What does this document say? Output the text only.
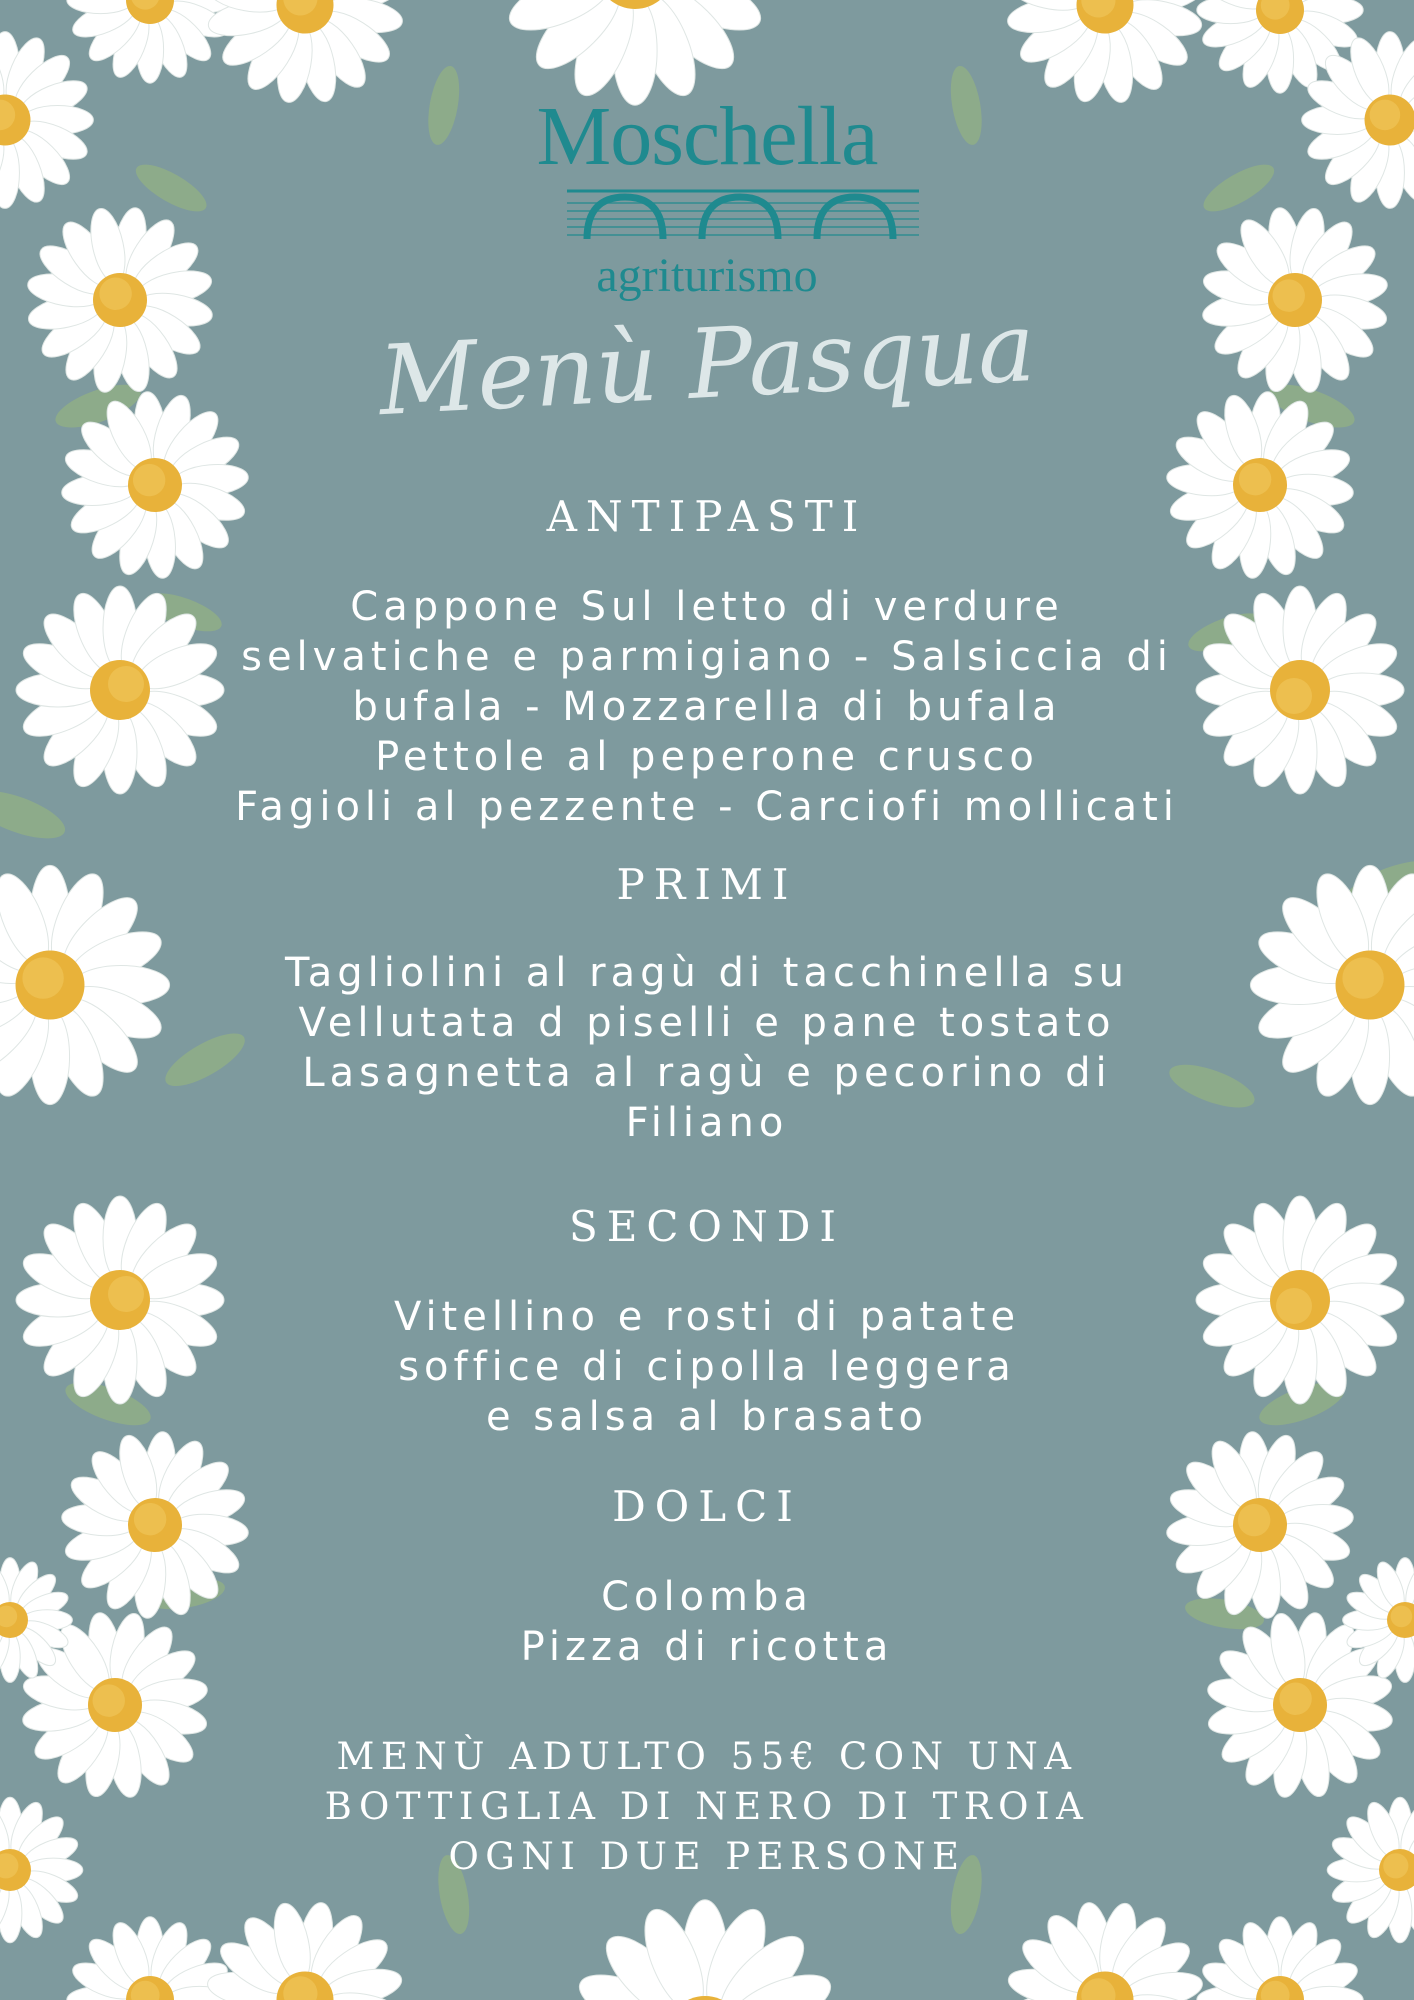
Moschella
agriturismo
Menù Pasqua
ANTIPASTI
Cappone Sul letto di verdure
selvatiche e parmigiano - Salsiccia di
bufala - Mozzarella di bufala
Pettole al peperone crusco
Fagioli al pezzente - Carciofi mollicati
PRIMI
Tagliolini al ragù di tacchinella su
Vellutata d piselli e pane tostato
Lasagnetta al ragù e pecorino di
Filiano
SECONDI
Vitellino e rosti di patate
soffice di cipolla leggera
e salsa al brasato
DOLCI
Colomba
Pizza di ricotta
MENÙ ADULTO 55€ CON UNA
BOTTIGLIA DI NERO DI TROIA
OGNI DUE PERSONE
